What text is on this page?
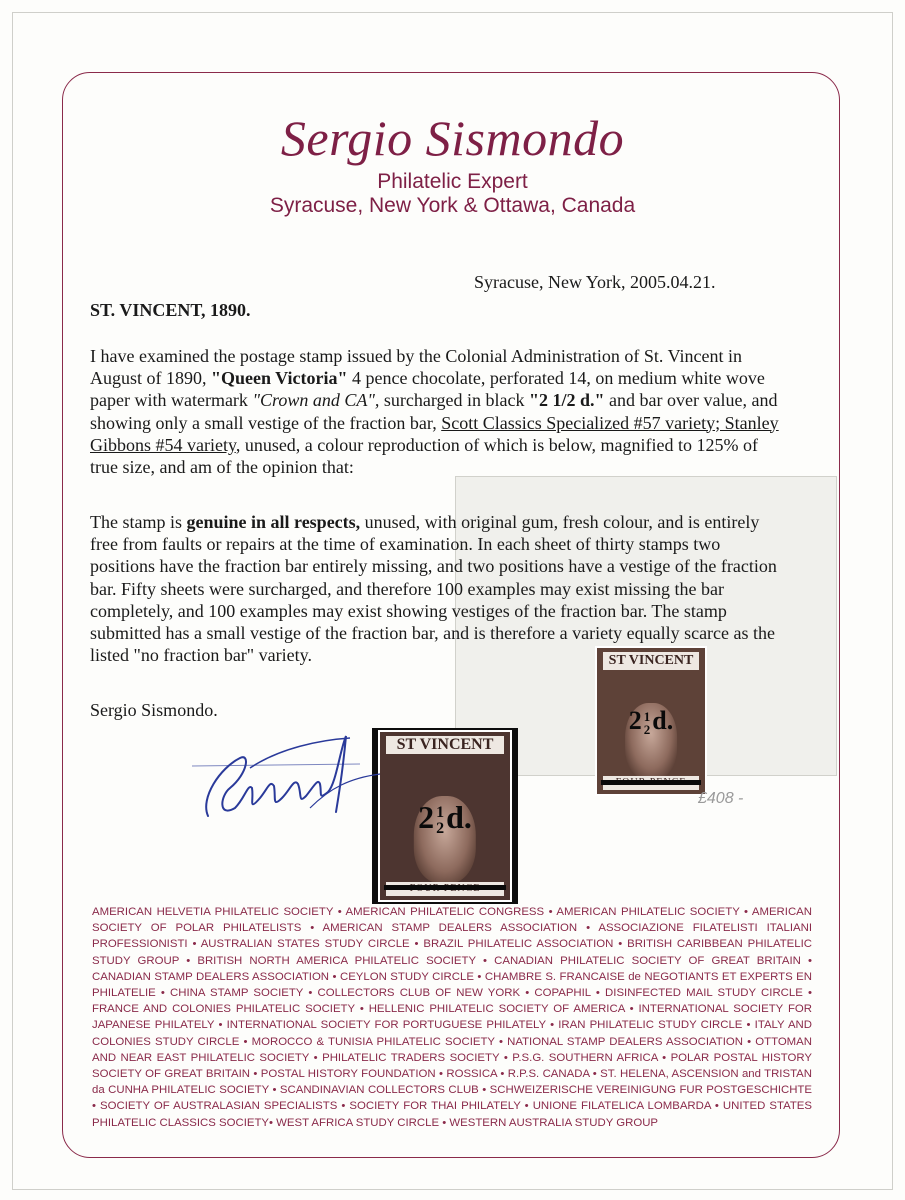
Sergio Sismondo
Philatelic Expert
Syracuse, New York & Ottawa, Canada
Syracuse, New York, 2005.04.21.
ST. VINCENT, 1890.
I have examined the postage stamp issued by the Colonial Administration of St. Vincent in August of 1890, "Queen Victoria" 4 pence chocolate, perforated 14, on medium white wove paper with watermark "Crown and CA", surcharged in black "2 1/2 d." and bar over value, and showing only a small vestige of the fraction bar, Scott Classics Specialized #57 variety; Stanley Gibbons #54 variety, unused, a colour reproduction of which is below, magnified to 125% of true size, and am of the opinion that:
The stamp is genuine in all respects, unused, with original gum, fresh colour, and is entirely free from faults or repairs at the time of examination. In each sheet of thirty stamps two positions have the fraction bar entirely missing, and two positions have a vestige of the fraction bar. Fifty sheets were surcharged, and therefore 100 examples may exist missing the bar completely, and 100 examples may exist showing vestiges of the fraction bar. The stamp submitted has a small vestige of the fraction bar, and is therefore a variety equally scarce as the listed "no fraction bar" variety.
Sergio Sismondo.
ST VINCENT
2 1
2 d.
ST VINCENT
2 1
2 d.
£408 -
AMERICAN HELVETIA PHILATELIC SOCIETY • AMERICAN PHILATELIC CONGRESS • AMERICAN PHILATELIC SOCIETY • AMERICAN SOCIETY OF POLAR PHILATELISTS • AMERICAN STAMP DEALERS ASSOCIATION • ASSOCIAZIONE FILATELISTI ITALIANI PROFESSIONISTI • AUSTRALIAN STATES STUDY CIRCLE • BRAZIL PHILATELIC ASSOCIATION • BRITISH CARIBBEAN PHILATELIC STUDY GROUP • BRITISH NORTH AMERICA PHILATELIC SOCIETY • CANADIAN PHILATELIC SOCIETY OF GREAT BRITAIN • CANADIAN STAMP DEALERS ASSOCIATION • CEYLON STUDY CIRCLE • CHAMBRE S. FRANCAISE de NEGOTIANTS ET EXPERTS EN PHILATELIE • CHINA STAMP SOCIETY • COLLECTORS CLUB OF NEW YORK • COPAPHIL • DISINFECTED MAIL STUDY CIRCLE • FRANCE AND COLONIES PHILATELIC SOCIETY • HELLENIC PHILATELIC SOCIETY OF AMERICA • INTERNATIONAL SOCIETY FOR JAPANESE PHILATELY • INTERNATIONAL SOCIETY FOR PORTUGUESE PHILATELY • IRAN PHILATELIC STUDY CIRCLE • ITALY AND COLONIES STUDY CIRCLE • MOROCCO & TUNISIA PHILATELIC SOCIETY • NATIONAL STAMP DEALERS ASSOCIATION • OTTOMAN AND NEAR EAST PHILATELIC SOCIETY • PHILATELIC TRADERS SOCIETY • P.S.G. SOUTHERN AFRICA • POLAR POSTAL HISTORY SOCIETY OF GREAT BRITAIN • POSTAL HISTORY FOUNDATION • ROSSICA • R.P.S. CANADA • ST. HELENA, ASCENSION and TRISTAN da CUNHA PHILATELIC SOCIETY • SCANDINAVIAN COLLECTORS CLUB • SCHWEIZERISCHE VEREINIGUNG FUR POSTGESCHICHTE • SOCIETY OF AUSTRALASIAN SPECIALISTS • SOCIETY FOR THAI PHILATELY • UNIONE FILATELICA LOMBARDA • UNITED STATES PHILATELIC CLASSICS SOCIETY• WEST AFRICA STUDY CIRCLE • WESTERN AUSTRALIA STUDY GROUP
